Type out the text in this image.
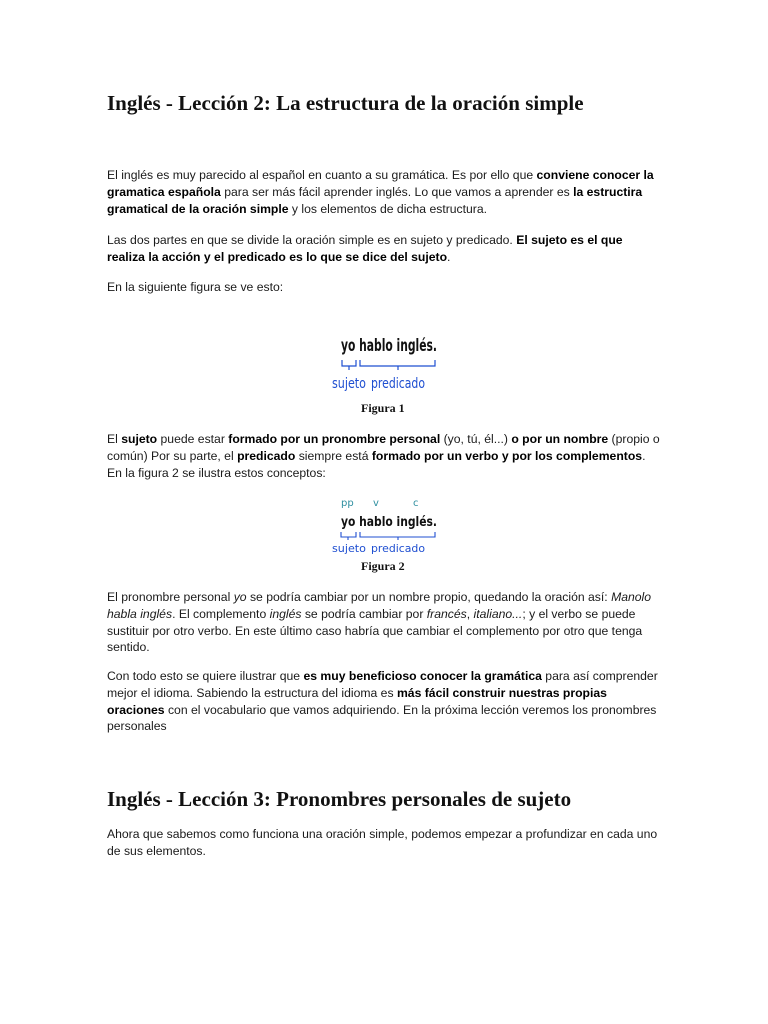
Inglés - Lección 2: La estructura de la oración simple

El inglés es muy parecido al español en cuanto a su gramática. Es por ello que conviene conocer la gramatica española para ser más fácil aprender inglés. Lo que vamos a aprender es la estructira gramatical de la oración simple y los elementos de dicha estructura.

Las dos partes en que se divide la oración simple es en sujeto y predicado. El sujeto es el que realiza la acción y el predicado es lo que se dice del sujeto.

En la siguiente figura se ve esto:

yo hablo inglés.
sujeto predicado
Figura 1

El sujeto puede estar formado por un pronombre personal (yo, tú, él...) o por un nombre (propio o común) Por su parte, el predicado siempre está formado por un verbo y por los complementos. En la figura 2 se ilustra estos conceptos:

pp v	c
yo hablo inglés.
sujeto predicado
Figura 2

El pronombre personal yo se podría cambiar por un nombre propio, quedando la oración así: Manolo habla inglés. El complemento inglés se podría cambiar por francés, italiano...; y el verbo se puede sustituir por otro verbo. En este último caso habría que cambiar el complemento por otro que tenga sentido.

Con todo esto se quiere ilustrar que es muy beneficioso conocer la gramática para así comprender mejor el idioma. Sabiendo la estructura del idioma es más fácil construir nuestras propias oraciones con el vocabulario que vamos adquiriendo. En la próxima lección veremos los pronombres personales

Inglés - Lección 3: Pronombres personales de sujeto

Ahora que sabemos como funciona una oración simple, podemos empezar a profundizar en cada uno de sus elementos.
